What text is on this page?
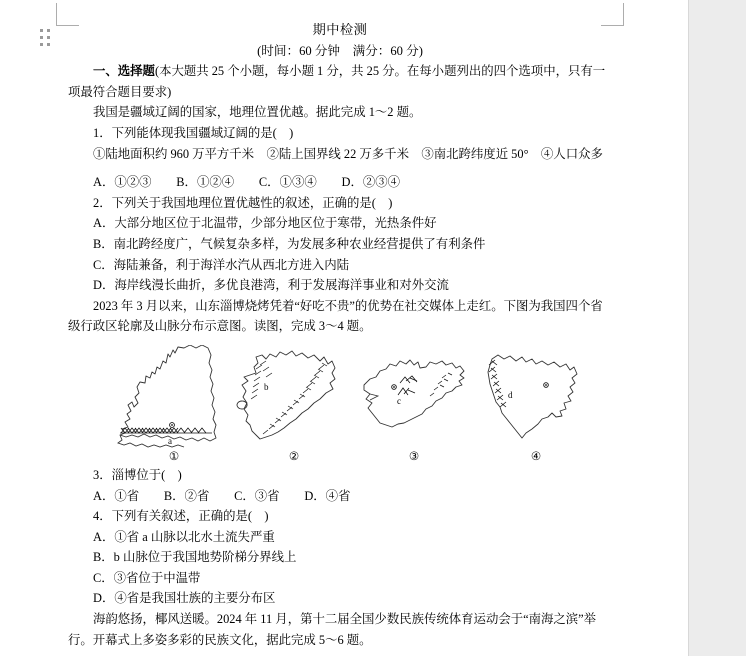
期中检测

(时间：60 分钟　满分：60 分)

一、选择题(本大题共 25 个小题，每小题 1 分，共 25 分。在每小题列出的四个选项中，只有一项最符合题目要求)

我国是疆域辽阔的国家，地理位置优越。据此完成 1～2 题。

1．下列能体现我国疆域辽阔的是(　)

①陆地面积约 960 万平方千米　②陆上国界线 22 万多千米　③南北跨纬度近 50°　④人口众多

A．①②③　　B．①②④　　C．①③④　　D．②③④

2．下列关于我国地理位置优越性的叙述，正确的是(　)

A．大部分地区位于北温带，少部分地区位于寒带，光热条件好

B．南北跨经度广，气候复杂多样，为发展多种农业经营提供了有利条件

C．海陆兼备，利于海洋水汽从西北方进入内陆

D．海岸线漫长曲折，多优良港湾，利于发展海洋事业和对外交流

2023 年 3 月以来，山东淄博烧烤凭着“好吃不贵”的优势在社交媒体上走红。下图为我国四个省级行政区轮廓及山脉分布示意图。读图，完成 3～4 题。

a
①
b
②
c
③
d
④

3．淄博位于(　)

A．①省　　B．②省　　C．③省　　D．④省

4．下列有关叙述，正确的是(　)

A．①省 a 山脉以北水土流失严重

B．b 山脉位于我国地势阶梯分界线上

C．③省位于中温带

D．④省是我国壮族的主要分布区

海韵悠扬，椰风送暖。2024 年 11 月，第十二届全国少数民族传统体育运动会于“南海之滨”举行。开幕式上多姿多彩的民族文化，据此完成 5～6 题。
